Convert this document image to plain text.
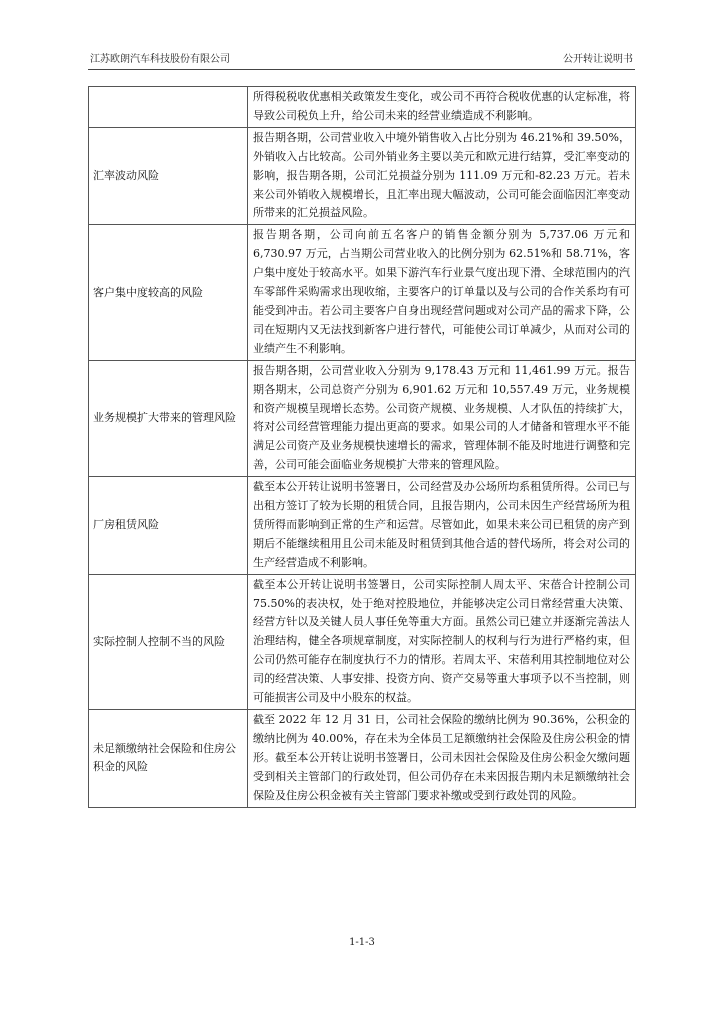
江苏欧朗汽车科技股份有限公司	公开转让说明书
	所得税税收优惠相关政策发生变化，或公司不再符合税收优惠的认定标准，将导致公司税负上升，给公司未来的经营业绩造成不利影响。
汇率波动风险	报告期各期，公司营业收入中境外销售收入占比分别为 46.21%和 39.50%，外销收入占比较高。公司外销业务主要以美元和欧元进行结算，受汇率变动的影响，报告期各期，公司汇兑损益分别为 111.09 万元和-82.23 万元。若未来公司外销收入规模增长，且汇率出现大幅波动，公司可能会面临因汇率变动所带来的汇兑损益风险。
客户集中度较高的风险	报告期各期，公司向前五名客户的销售金额分别为 5,737.06 万元和 6,730.97 万元，占当期公司营业收入的比例分别为 62.51%和 58.71%，客户集中度处于较高水平。如果下游汽车行业景气度出现下滑、全球范围内的汽车零部件采购需求出现收缩，主要客户的订单量以及与公司的合作关系均有可能受到冲击。若公司主要客户自身出现经营问题或对公司产品的需求下降，公司在短期内又无法找到新客户进行替代，可能使公司订单减少，从而对公司的业绩产生不利影响。
业务规模扩大带来的管理风险	报告期各期，公司营业收入分别为 9,178.43 万元和 11,461.99 万元。报告期各期末，公司总资产分别为 6,901.62 万元和 10,557.49 万元，业务规模和资产规模呈现增长态势。公司资产规模、业务规模、人才队伍的持续扩大，将对公司经营管理能力提出更高的要求。如果公司的人才储备和管理水平不能满足公司资产及业务规模快速增长的需求，管理体制不能及时地进行调整和完善，公司可能会面临业务规模扩大带来的管理风险。
厂房租赁风险	截至本公开转让说明书签署日，公司经营及办公场所均系租赁所得。公司已与出租方签订了较为长期的租赁合同，且报告期内，公司未因生产经营场所为租赁所得而影响到正常的生产和运营。尽管如此，如果未来公司已租赁的房产到期后不能继续租用且公司未能及时租赁到其他合适的替代场所，将会对公司的生产经营造成不利影响。
实际控制人控制不当的风险	截至本公开转让说明书签署日，公司实际控制人周太平、宋蓓合计控制公司 75.50%的表决权，处于绝对控股地位，并能够决定公司日常经营重大决策、经营方针以及关键人员人事任免等重大方面。虽然公司已建立并逐渐完善法人治理结构，健全各项规章制度，对实际控制人的权利与行为进行严格约束，但公司仍然可能存在制度执行不力的情形。若周太平、宋蓓利用其控制地位对公司的经营决策、人事安排、投资方向、资产交易等重大事项予以不当控制，则可能损害公司及中小股东的权益。
未足额缴纳社会保险和住房公积金的风险	截至 2022 年 12 月 31 日，公司社会保险的缴纳比例为 90.36%，公积金的缴纳比例为 40.00%，存在未为全体员工足额缴纳社会保险及住房公积金的情形。截至本公开转让说明书签署日，公司未因社会保险及住房公积金欠缴问题受到相关主管部门的行政处罚，但公司仍存在未来因报告期内未足额缴纳社会保险及住房公积金被有关主管部门要求补缴或受到行政处罚的风险。
1-1-3
